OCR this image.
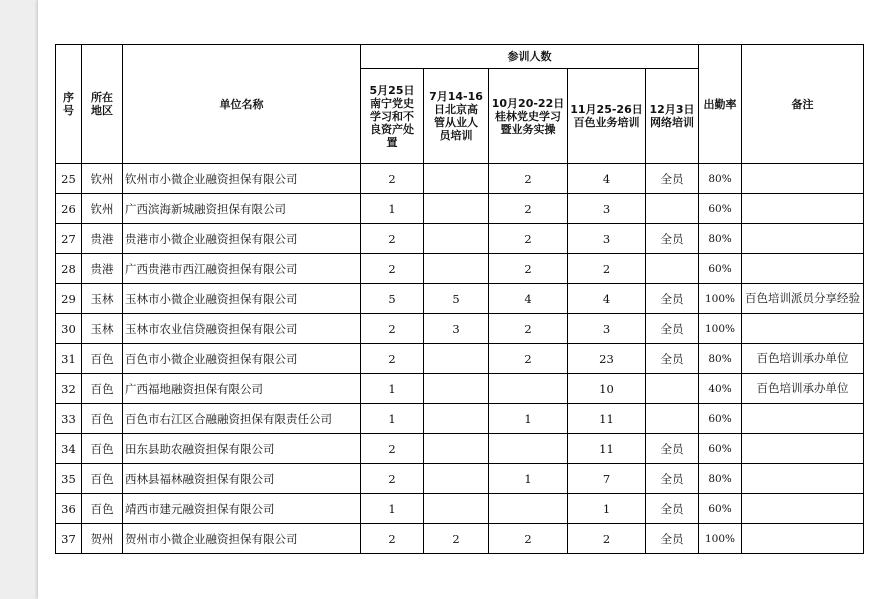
序号	所在地区	单位名称	参训人数					出勤率	备注
			5月25日南宁党史学习和不良资产处置	7月14-16日北京高管从业人员培训	10月20-22日桂林党史学习暨业务实操	11月25-26日百色业务培训	12月3日网络培训		
25	钦州	钦州市小微企业融资担保有限公司	2		2	4	全员	80%	
26	钦州	广西滨海新城融资担保有限公司	1		2	3		60%	
27	贵港	贵港市小微企业融资担保有限公司	2		2	3	全员	80%	
28	贵港	广西贵港市西江融资担保有限公司	2		2	2		60%	
29	玉林	玉林市小微企业融资担保有限公司	5	5	4	4	全员	100%	百色培训派员分享经验
30	玉林	玉林市农业信贷融资担保有限公司	2	3	2	3	全员	100%	
31	百色	百色市小微企业融资担保有限公司	2		2	23	全员	80%	百色培训承办单位
32	百色	广西福地融资担保有限公司	1			10		40%	百色培训承办单位
33	百色	百色市右江区合融融资担保有限责任公司	1		1	11		60%	
34	百色	田东县助农融资担保有限公司	2			11	全员	60%	
35	百色	西林县福林融资担保有限公司	2		1	7	全员	80%	
36	百色	靖西市建元融资担保有限公司	1			1	全员	60%	
37	贺州	贺州市小微企业融资担保有限公司	2	2	2	2	全员	100%	
